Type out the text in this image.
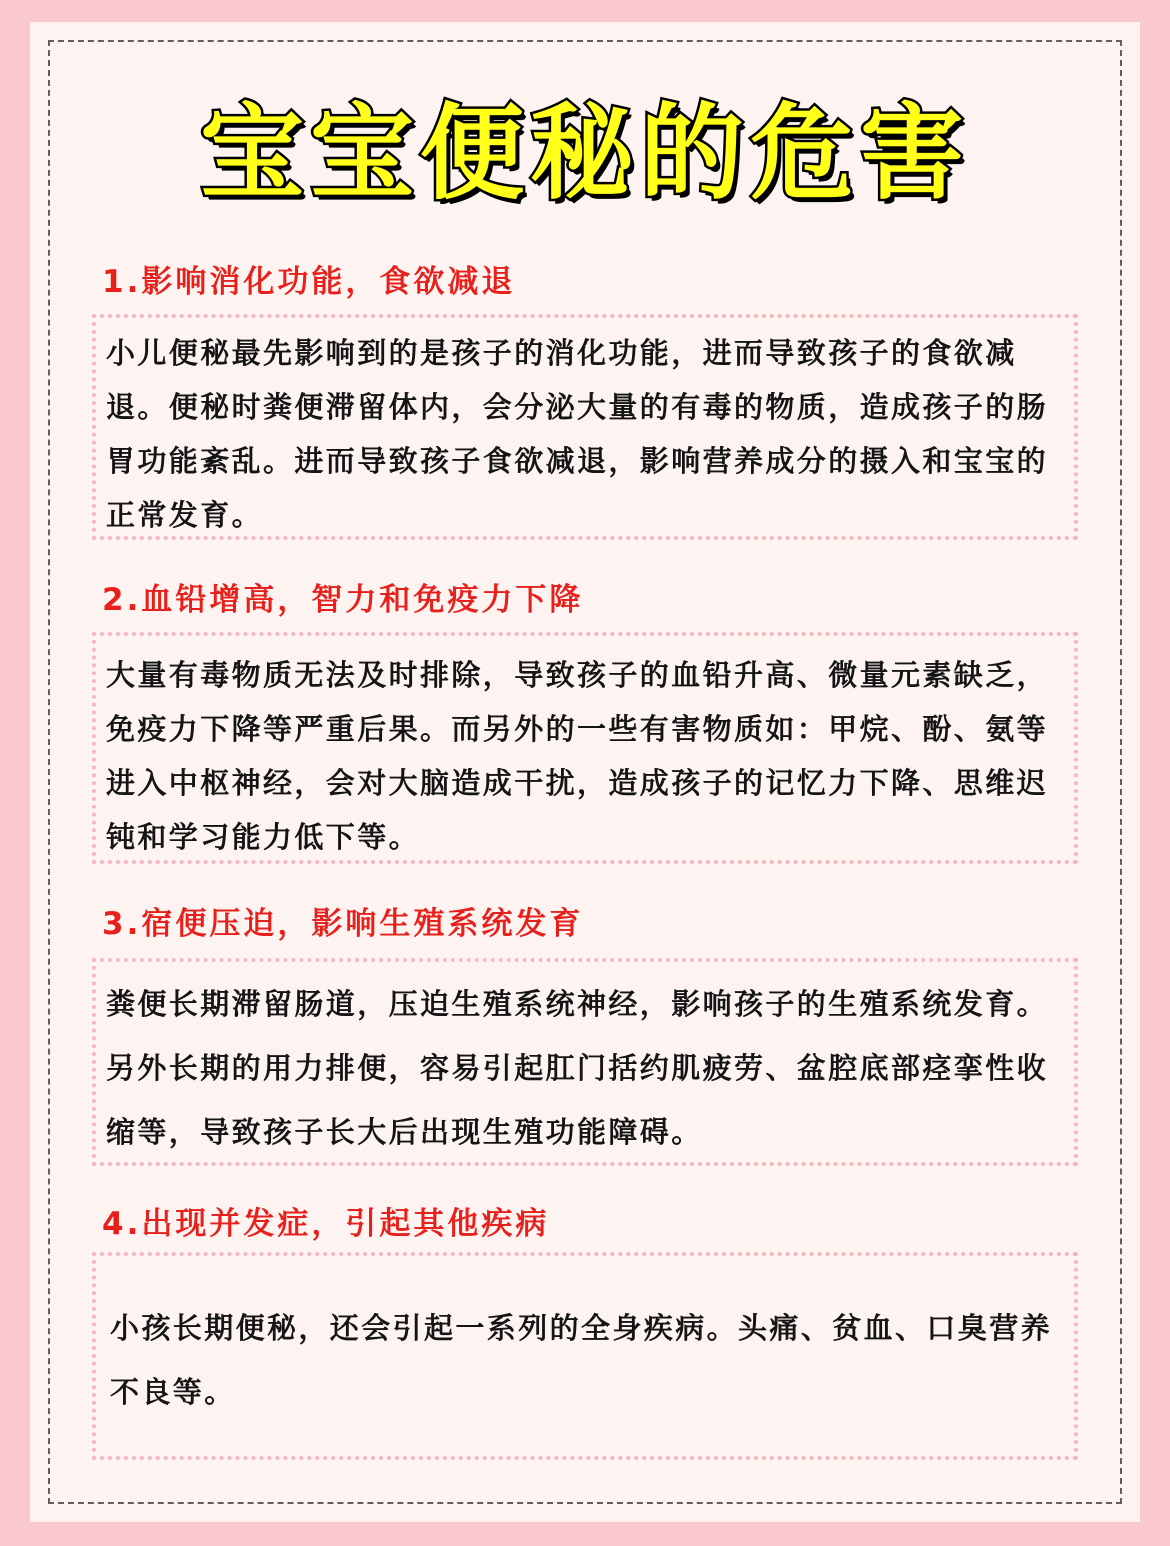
宝宝便秘的危害
1.影响消化功能，食欲减退

小儿便秘最先影响到的是孩子的消化功能，进而导致孩子的食欲减退。便秘时粪便滞留体内，会分泌大量的有毒的物质，造成孩子的肠胃功能紊乱。进而导致孩子食欲减退，影响营养成分的摄入和宝宝的正常发育。

2.血铅增高，智力和免疫力下降

大量有毒物质无法及时排除，导致孩子的血铅升高、微量元素缺乏，免疫力下降等严重后果。而另外的一些有害物质如：甲烷、酚、氨等进入中枢神经，会对大脑造成干扰，造成孩子的记忆力下降、思维迟钝和学习能力低下等。

3.宿便压迫，影响生殖系统发育

粪便长期滞留肠道，压迫生殖系统神经，影响孩子的生殖系统发育。另外长期的用力排便，容易引起肛门括约肌疲劳、盆腔底部痉挛性收缩等，导致孩子长大后出现生殖功能障碍。

4.出现并发症，引起其他疾病

小孩长期便秘，还会引起一系列的全身疾病。头痛、贫血、口臭营养不良等。
